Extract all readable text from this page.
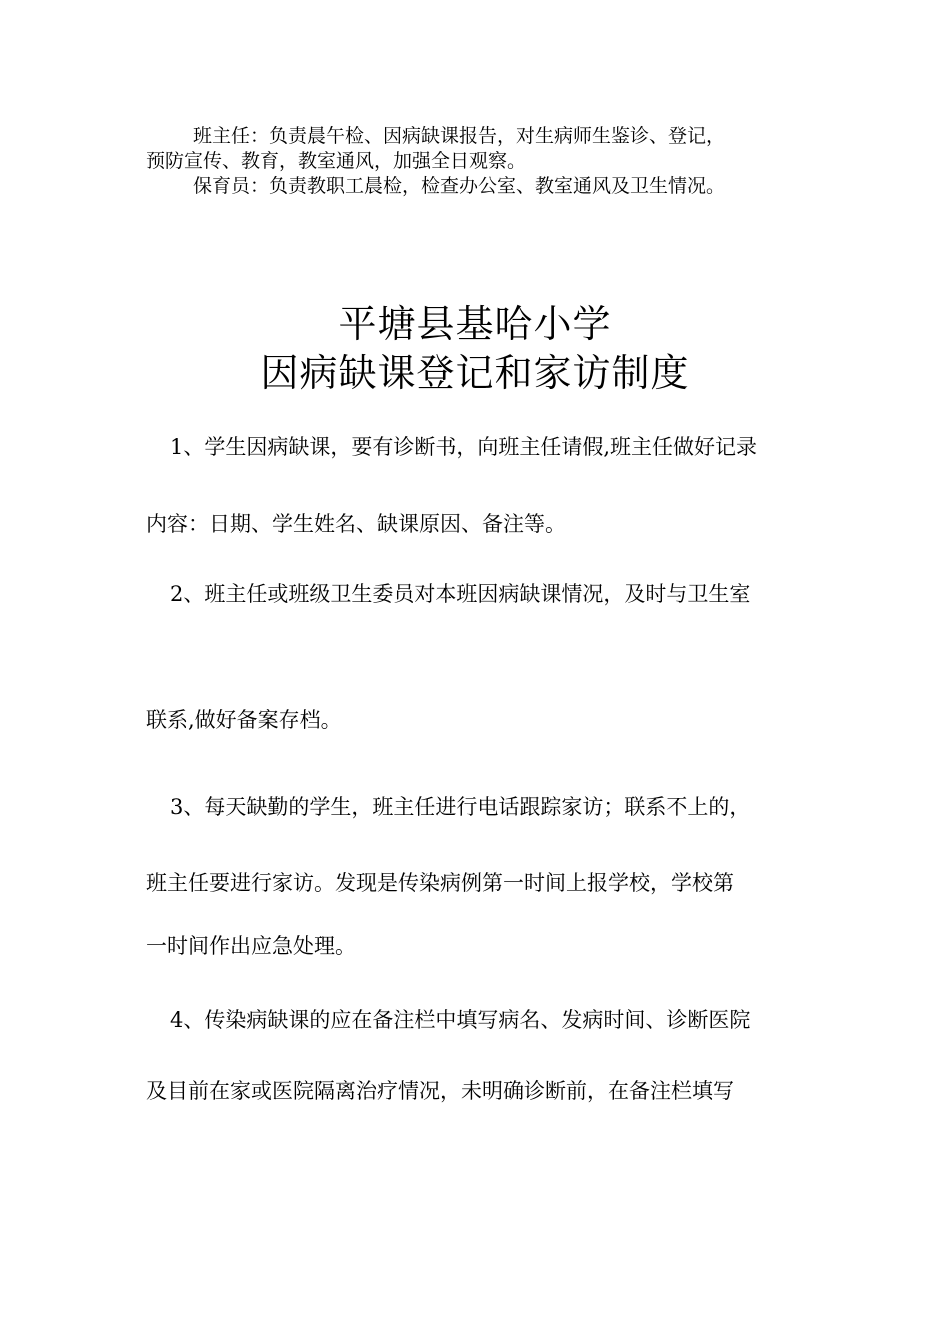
班主任：负责晨午检、因病缺课报告，对生病师生鉴诊、登记，
预防宣传、教育，教室通风，加强全日观察。
保育员：负责教职工晨检，检查办公室、教室通风及卫生情况。
平塘县基哈小学
因病缺课登记和家访制度
1、学生因病缺课，要有诊断书，向班主任请假,班主任做好记录
内容：日期、学生姓名、缺课原因、备注等。
2、班主任或班级卫生委员对本班因病缺课情况，及时与卫生室
联系,做好备案存档。
3、每天缺勤的学生，班主任进行电话跟踪家访；联系不上的，
班主任要进行家访。发现是传染病例第一时间上报学校，学校第
一时间作出应急处理。
4、传染病缺课的应在备注栏中填写病名、发病时间、诊断医院
及目前在家或医院隔离治疗情况，未明确诊断前，在备注栏填写
